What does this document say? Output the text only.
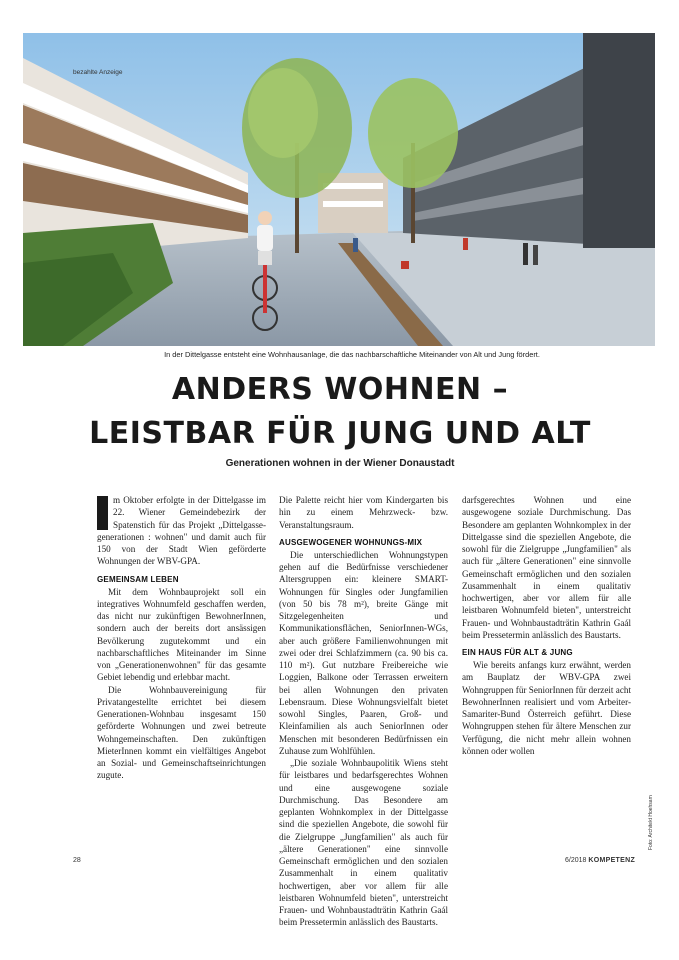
bezahlte Anzeige
In der Dittelgasse entsteht eine Wohnhausanlage, die das nachbarschaftliche Miteinander von Alt und Jung fördert.
ANDERS WOHNEN –
LEISTBAR FÜR JUNG UND ALT
Generationen wohnen in der Wiener Donaustadt

m Oktober erfolgte in der Dittelgasse im 22. Wiener Gemeindebezirk der Spatenstich für das Projekt „Dittelgasse-generationen : wohnen" und damit auch für 150 von der Stadt Wien geförderte Wohnungen der WBV-GPA.

GEMEINSAM LEBEN

Mit dem Wohnbauprojekt soll ein integratives Wohnumfeld geschaffen werden, das nicht nur zukünftigen BewohnerInnen, sondern auch der bereits dort ansässigen Bevölkerung zugutekommt und ein nachbarschaftliches Miteinander im Sinne von „Generationenwohnen" für das gesamte Gebiet lebendig und erlebbar macht.

Die Wohnbauvereinigung für Privatangestellte errichtet bei diesem Generationen-Wohnbau insgesamt 150 geförderte Wohnungen und zwei betreute Wohngemeinschaften. Den zukünftigen MieterInnen kommt ein vielfältiges Angebot an Sozial- und Gemeinschaftseinrichtungen zugute.

Die Palette reicht hier vom Kindergarten bis hin zu einem Mehrzweck- bzw. Veranstaltungsraum.

AUSGEWOGENER WOHNUNGS-MIX

Die unterschiedlichen Wohnungstypen gehen auf die Bedürfnisse verschiedener Altersgruppen ein: kleinere SMART-Wohnungen für Singles oder Jungfamilien (von 50 bis 78 m²), breite Gänge mit Sitzgelegenheiten und Kommunikationsflächen, SeniorInnen-WGs, aber auch größere Familienwohnungen mit zwei oder drei Schlafzimmern (ca. 90 bis ca. 110 m²). Gut nutzbare Freibereiche wie Loggien, Balkone oder Terrassen erweitern bei allen Wohnungen den privaten Lebensraum. Diese Wohnungsvielfalt bietet sowohl Singles, Paaren, Groß- und Kleinfamilien als auch SeniorInnen oder Menschen mit besonderen Bedürfnissen ein Zuhause zum Wohlfühlen.

„Die soziale Wohnbaupolitik Wiens steht für leistbares und bedarfsgerechtes Wohnen und eine ausgewogene soziale Durchmischung. Das Besondere am geplanten Wohnkomplex in der Dittelgasse sind die speziellen Angebote, die sowohl für die Zielgruppe „Jungfamilien" als auch für „ältere Generationen" eine sinnvolle Gemeinschaft ermöglichen und den sozialen Zusammenhalt in einem qualitativ hochwertigen, aber vor allem für alle leistbaren Wohnumfeld bieten", unterstreicht Frauen- und Wohnbaustadträtin Kathrin Gaál beim Pressetermin anlässlich des Baustarts.

darfsgerechtes Wohnen und eine ausgewogene soziale Durchmischung. Das Besondere am geplanten Wohnkomplex in der Dittelgasse sind die speziellen Angebote, die sowohl für die Zielgruppe „Jungfamilien" als auch für „ältere Generationen" eine sinnvolle Gemeinschaft ermöglichen und den sozialen Zusammenhalt in einem qualitativ hochwertigen, aber vor allem für alle leistbaren Wohnumfeld bieten", unterstreicht Frauen- und Wohnbaustadträtin Kathrin Gaál beim Pressetermin anlässlich des Baustarts.

EIN HAUS FÜR ALT & JUNG

Wie bereits anfangs kurz erwähnt, werden am Bauplatz der WBV-GPA zwei Wohngruppen für SeniorInnen für derzeit acht BewohnerInnen realisiert und vom Arbeiter-Samariter-Bund Österreich geführt. Diese Wohngruppen stehen für ältere Menschen zur Verfügung, die nicht mehr allein wohnen können oder wollen

Foto: Architekt Hoehsam
28	6/2018 KOMPETENZ
